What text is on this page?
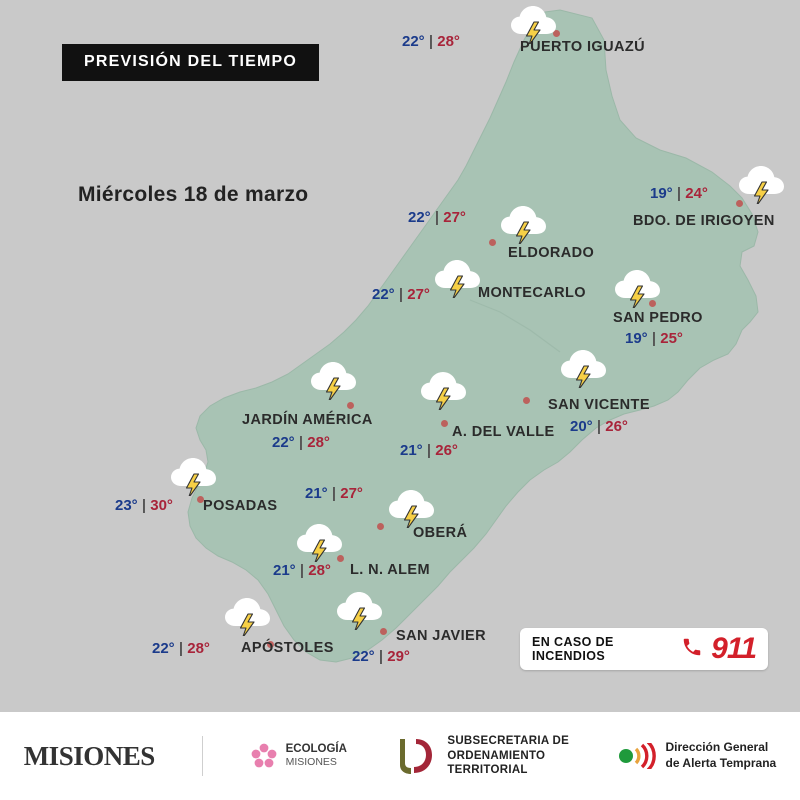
PREVISIÓN DEL TIEMPO
Miércoles 18 de marzo
22° | 28°	PUERTO IGUAZÚ
19° | 24°
BDO. DE IRIGOYEN
22° | 27°
ELDORADO
22° | 27°	MONTECARLO
SAN PEDRO
19° | 25°
SAN VICENTE
20° | 26°
JARDÍN AMÉRICA
22° | 28°
A. DEL VALLE
21° | 26°
23° | 30° POSADAS
21° | 27°
OBERÁ
21° | 28° L. N. ALEM
22° | 28° APÓSTOLES
SAN JAVIER
22° | 29°
EN CASO DE INCENDIOS	911
MISIONES	ECOLOGÍA
MISIONES
SUBSECRETARIA DE
ORDENAMIENTO
TERRITORIAL
Dirección General
de Alerta Temprana
